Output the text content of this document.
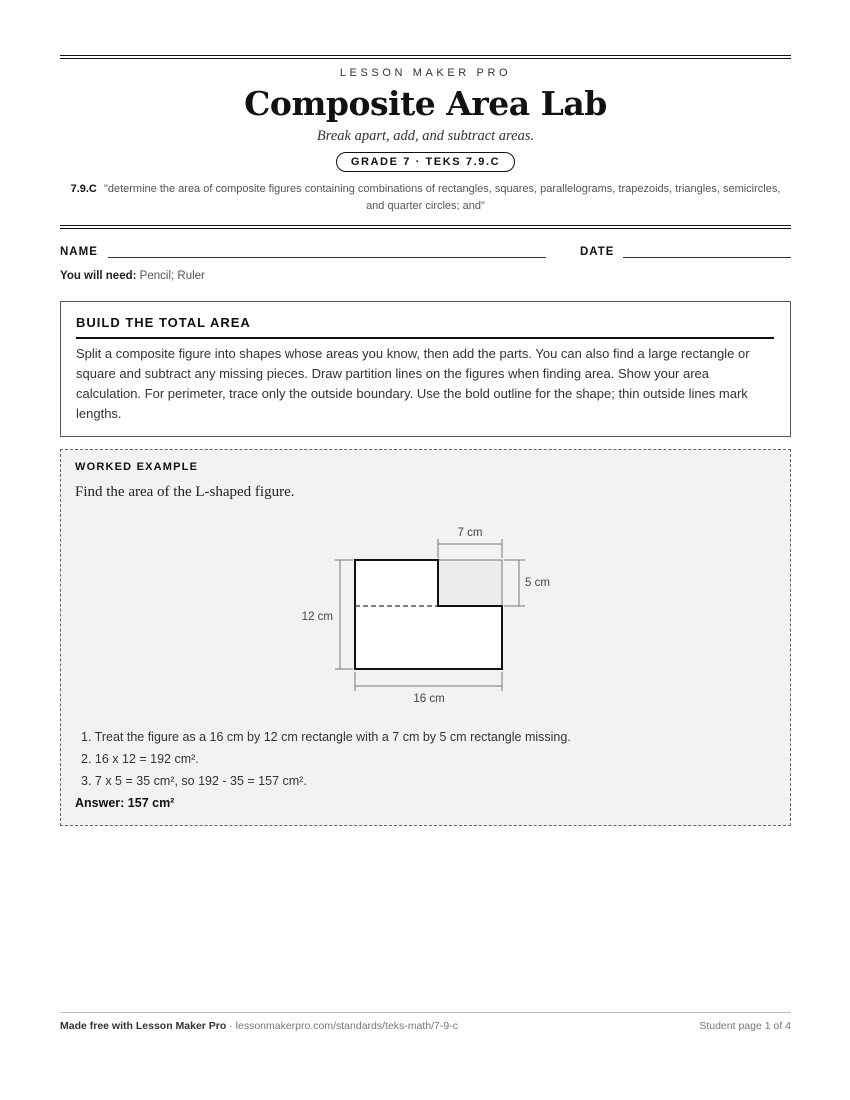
LESSON MAKER PRO
Composite Area Lab
Break apart, add, and subtract areas.
GRADE 7 · TEKS 7.9.C
7.9.C "determine the area of composite figures containing combinations of rectangles, squares, parallelograms, trapezoids, triangles, semicircles, and quarter circles; and"
NAME	DATE
You will need: Pencil; Ruler
BUILD THE TOTAL AREA
Split a composite figure into shapes whose areas you know, then add the parts. You can also find a large rectangle or square and subtract any missing pieces. Draw partition lines on the figures when finding area. Show your area calculation. For perimeter, trace only the outside boundary. Use the bold outline for the shape; thin outside lines mark lengths.
WORKED EXAMPLE
Find the area of the L-shaped figure.
7 cm
5 cm
12 cm
16 cm
1. Treat the figure as a 16 cm by 12 cm rectangle with a 7 cm by 5 cm rectangle missing.
2. 16 x 12 = 192 cm².
3. 7 x 5 = 35 cm², so 192 - 35 = 157 cm².
Answer: 157 cm²
Made free with Lesson Maker Pro · lessonmakerpro.com/standards/teks-math/7-9-c	Student page 1 of 4
